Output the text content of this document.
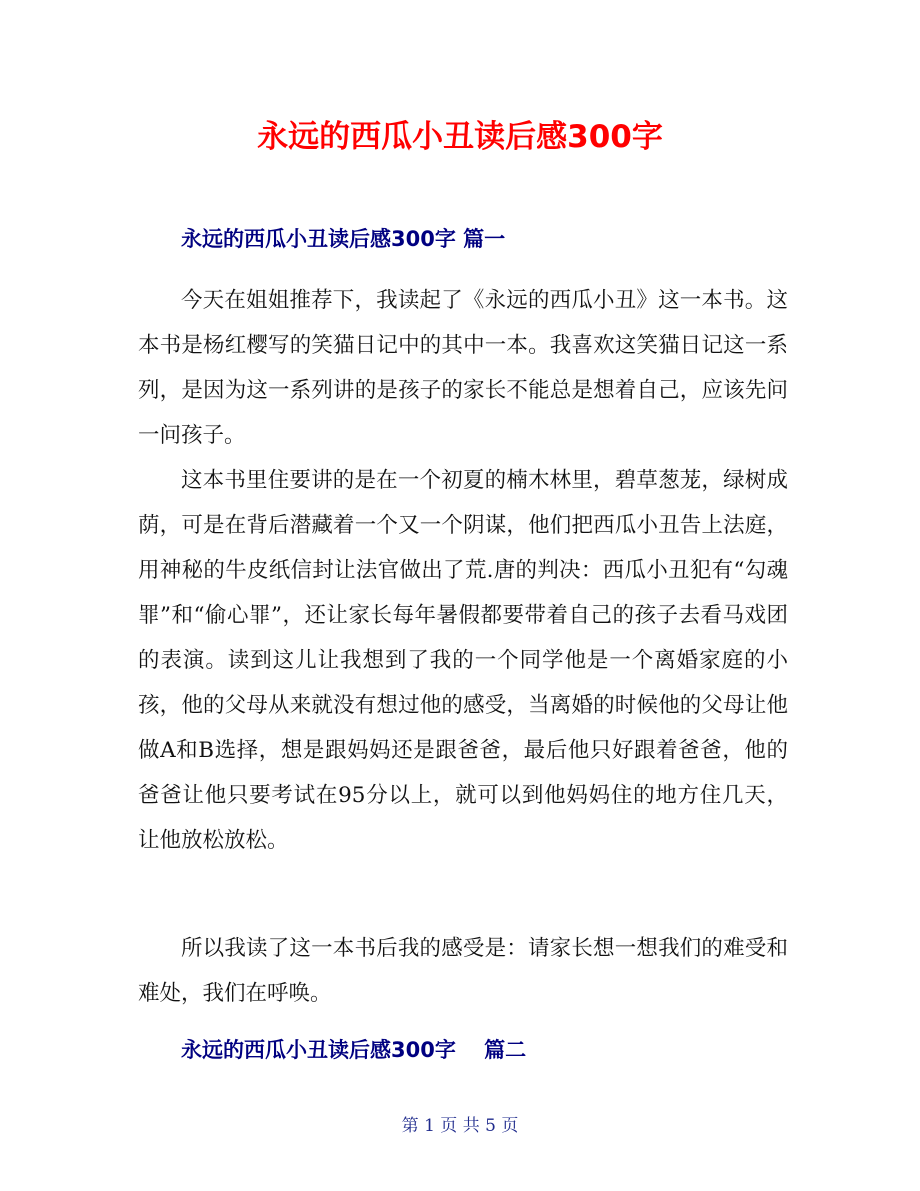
永远的西瓜小丑读后感300字
永远的西瓜小丑读后感300字 篇一

今天在姐姐推荐下，我读起了《永远的西瓜小丑》这一本书。这本书是杨红樱写的笑猫日记中的其中一本。我喜欢这笑猫日记这一系列，是因为这一系列讲的是孩子的家长不能总是想着自己，应该先问一问孩子。

这本书里住要讲的是在一个初夏的楠木林里，碧草葱茏，绿树成荫，可是在背后潜藏着一个又一个阴谋，他们把西瓜小丑告上法庭，用神秘的牛皮纸信封让法官做出了荒.唐的判决：西瓜小丑犯有“勾魂罪”和“偷心罪”，还让家长每年暑假都要带着自己的孩子去看马戏团的表演。读到这儿让我想到了我的一个同学他是一个离婚家庭的小孩，他的父母从来就没有想过他的感受，当离婚的时候他的父母让他做A和B选择，想是跟妈妈还是跟爸爸，最后他只好跟着爸爸，他的爸爸让他只要考试在95分以上，就可以到他妈妈住的地方住几天，让他放松放松。

所以我读了这一本书后我的感受是：请家长想一想我们的难受和难处，我们在呼唤。

永远的西瓜小丑读后感300字　 篇二
第 1 页 共 5 页
